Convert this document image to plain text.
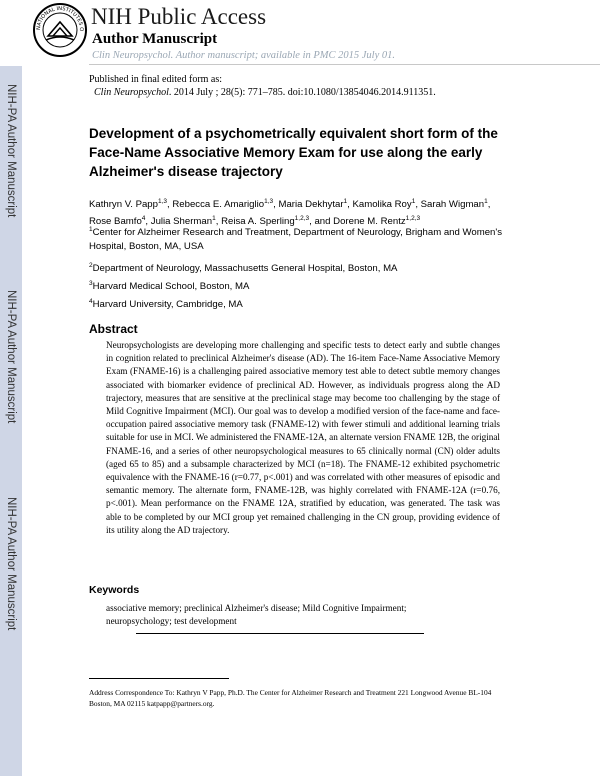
NATIONAL INSTITUTES O
NIH Public Access
Author Manuscript
Clin Neuropsychol. Author manuscript; available in PMC 2015 July 01.
NIH-PA Author Manuscript
NIH-PA Author Manuscript
NIH-PA Author Manuscript
Published in final edited form as:
Clin Neuropsychol. 2014 July ; 28(5): 771–785. doi:10.1080/13854046.2014.911351.
Development of a psychometrically equivalent short form of the Face-Name Associative Memory Exam for use along the early Alzheimer's disease trajectory
Kathryn V. Papp$^{1,3}$, Rebecca E. Amariglio$^{1,3}$, Maria Dekhytar$^1$, Kamolika Roy$^1$, Sarah Wigman$^1$, Rose Bamfo$^4$, Julia Sherman$^1$, Reisa A. Sperling$^{1,2,3}$, and Dorene M. Rentz$^{1,2,3}$
$^1$Center for Alzheimer Research and Treatment, Department of Neurology, Brigham and Women's Hospital, Boston, MA, USA
$^2$Department of Neurology, Massachusetts General Hospital, Boston, MA
$^3$Harvard Medical School, Boston, MA
$^4$Harvard University, Cambridge, MA
Abstract
Neuropsychologists are developing more challenging and specific tests to detect early and subtle changes in cognition related to preclinical Alzheimer's disease (AD). The 16-item Face-Name Associative Memory Exam (FNAME-16) is a challenging paired associative memory test able to detect subtle memory changes associated with biomarker evidence of preclinical AD. However, as individuals progress along the AD trajectory, measures that are sensitive at the preclinical stage may become too challenging by the stage of Mild Cognitive Impairment (MCI). Our goal was to develop a modified version of the face-name and face-occupation paired associative memory task (FNAME-12) with fewer stimuli and additional learning trials suitable for use in MCI. We administered the FNAME-12A, an alternate version FNAME 12B, the original FNAME-16, and a series of other neuropsychological measures to 65 clinically normal (CN) older adults (aged 65 to 85) and a subsample characterized by MCI (n=18). The FNAME-12 exhibited psychometric equivalence with the FNAME-16 (r=0.77, p<.001) and was correlated with other measures of episodic and semantic memory. The alternate form, FNAME-12B, was highly correlated with FNAME-12A (r=0.76, p<.001). Mean performance on the FNAME 12A, stratified by education, was generated. The task was able to be completed by our MCI group yet remained challenging in the CN group, providing evidence of its utility along the AD trajectory.
Keywords
associative memory; preclinical Alzheimer's disease; Mild Cognitive Impairment; neuropsychology; test development
Address Correspondence To: Kathryn V Papp, Ph.D. The Center for Alzheimer Research and Treatment 221 Longwood Avenue BL-104 Boston, MA 02115 katpapp@partners.org.
